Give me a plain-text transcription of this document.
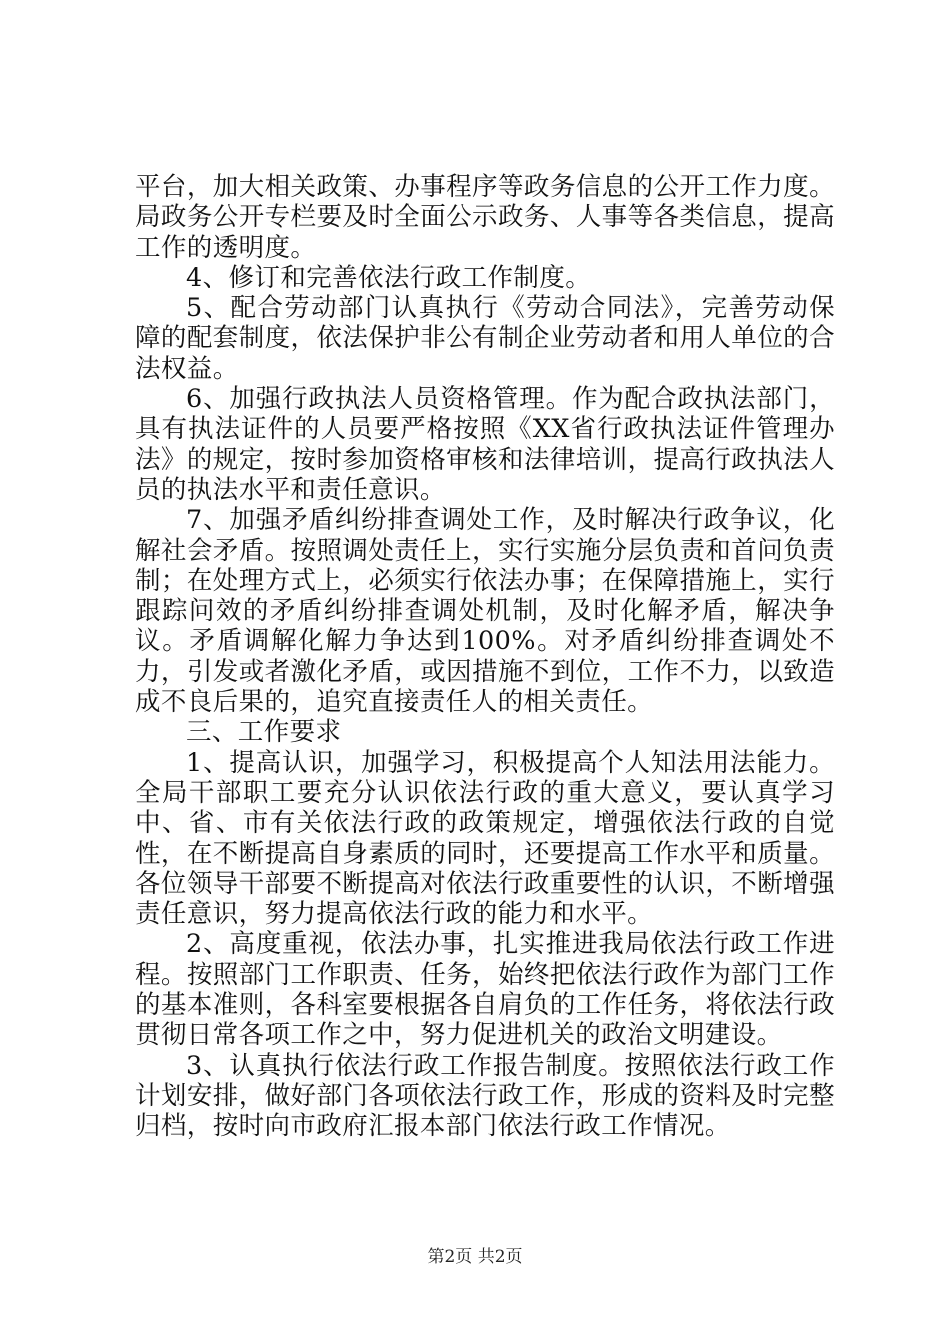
平台，加大相关政策、办事程序等政务信息的公开工作力度。局政务公开专栏要及时全面公示政务、人事等各类信息，提高工作的透明度。

4、修订和完善依法行政工作制度。

5、配合劳动部门认真执行《劳动合同法》，完善劳动保障的配套制度，依法保护非公有制企业劳动者和用人单位的合法权益。

6、加强行政执法人员资格管理。作为配合政执法部门，具有执法证件的人员要严格按照《XX省行政执法证件管理办法》的规定，按时参加资格审核和法律培训，提高行政执法人员的执法水平和责任意识。

7、加强矛盾纠纷排查调处工作，及时解决行政争议，化解社会矛盾。按照调处责任上，实行实施分层负责和首问负责制；在处理方式上，必须实行依法办事；在保障措施上，实行跟踪问效的矛盾纠纷排查调处机制，及时化解矛盾，解决争议。矛盾调解化解力争达到100%。对矛盾纠纷排查调处不力，引发或者激化矛盾，或因措施不到位，工作不力，以致造成不良后果的，追究直接责任人的相关责任。

三、工作要求

1、提高认识，加强学习，积极提高个人知法用法能力。全局干部职工要充分认识依法行政的重大意义，要认真学习中、省、市有关依法行政的政策规定，增强依法行政的自觉性，在不断提高自身素质的同时，还要提高工作水平和质量。各位领导干部要不断提高对依法行政重要性的认识，不断增强责任意识，努力提高依法行政的能力和水平。

2、高度重视，依法办事，扎实推进我局依法行政工作进程。按照部门工作职责、任务，始终把依法行政作为部门工作的基本准则，各科室要根据各自肩负的工作任务，将依法行政贯彻日常各项工作之中，努力促进机关的政治文明建设。

3、认真执行依法行政工作报告制度。按照依法行政工作计划安排，做好部门各项依法行政工作，形成的资料及时完整归档，按时向市政府汇报本部门依法行政工作情况。

第2页 共2页
